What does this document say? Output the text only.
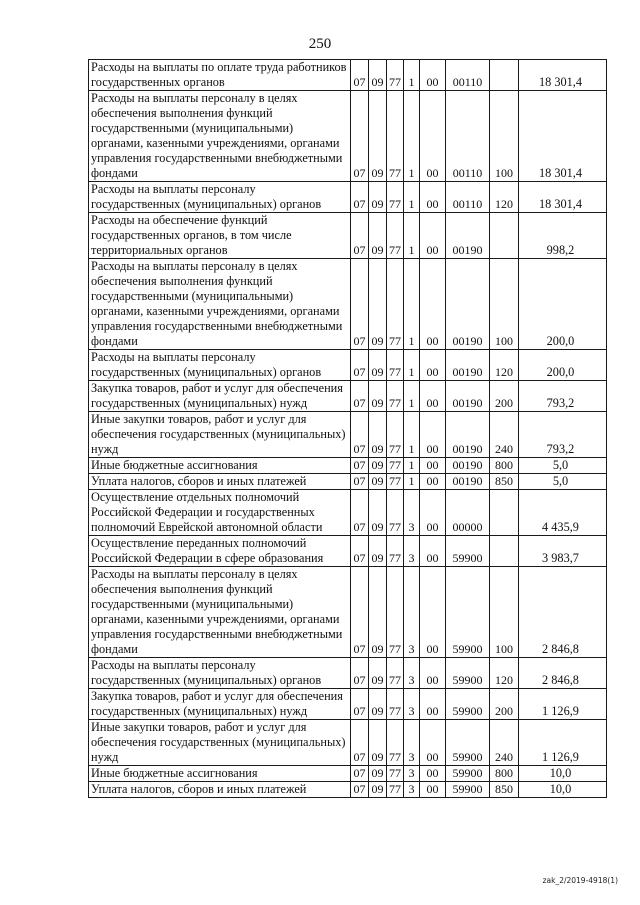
250
Расходы на выплаты по оплате труда работников государственных органов	07	09	77	1	00	00110		18 301,4
Расходы на выплаты персоналу в целях обеспечения выполнения функций государственными (муниципальными) органами, казенными учреждениями, органами управления государственными внебюджетными фондами	07	09	77	1	00	00110	100	18 301,4
Расходы на выплаты персоналу государственных (муниципальных) органов	07	09	77	1	00	00110	120	18 301,4
Расходы на обеспечение функций государственных органов, в том числе территориальных органов	07	09	77	1	00	00190		998,2
Расходы на выплаты персоналу в целях обеспечения выполнения функций государственными (муниципальными) органами, казенными учреждениями, органами управления государственными внебюджетными фондами	07	09	77	1	00	00190	100	200,0
Расходы на выплаты персоналу государственных (муниципальных) органов	07	09	77	1	00	00190	120	200,0
Закупка товаров, работ и услуг для обеспечения государственных (муниципальных) нужд	07	09	77	1	00	00190	200	793,2
Иные закупки товаров, работ и услуг для обеспечения государственных (муниципальных) нужд	07	09	77	1	00	00190	240	793,2
Иные бюджетные ассигнования	07	09	77	1	00	00190	800	5,0
Уплата налогов, сборов и иных платежей	07	09	77	1	00	00190	850	5,0
Осуществление отдельных полномочий Российской Федерации и государственных полномочий Еврейской автономной области	07	09	77	3	00	00000		4 435,9
Осуществление переданных полномочий Российской Федерации в сфере образования	07	09	77	3	00	59900		3 983,7
Расходы на выплаты персоналу в целях обеспечения выполнения функций государственными (муниципальными) органами, казенными учреждениями, органами управления государственными внебюджетными фондами	07	09	77	3	00	59900	100	2 846,8
Расходы на выплаты персоналу государственных (муниципальных) органов	07	09	77	3	00	59900	120	2 846,8
Закупка товаров, работ и услуг для обеспечения государственных (муниципальных) нужд	07	09	77	3	00	59900	200	1 126,9
Иные закупки товаров, работ и услуг для обеспечения государственных (муниципальных) нужд	07	09	77	3	00	59900	240	1 126,9
Иные бюджетные ассигнования	07	09	77	3	00	59900	800	10,0
Уплата налогов, сборов и иных платежей	07	09	77	3	00	59900	850	10,0
zak_2/2019-4918(1)
